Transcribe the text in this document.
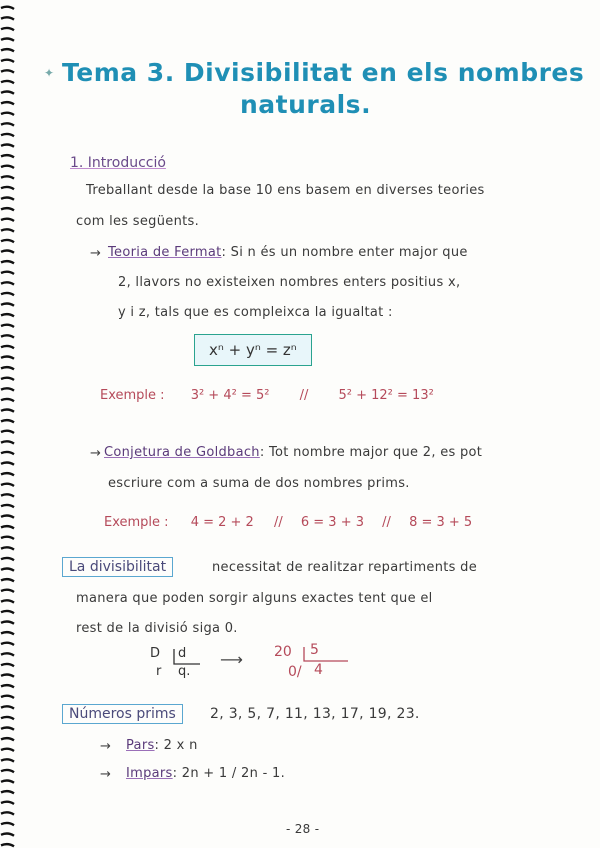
✦ Tema 3. Divisibilitat en els nombres
naturals.
1. Introducció
Treballant desde la base 10 ens basem en diverses teories
com les següents.
→ Teoria de Fermat: Si n és un nombre enter major que
2, llavors no existeixen nombres enters positius x,
y i z, tals que es compleixca la igualtat :
xⁿ + yⁿ = zⁿ
Exemple : 3² + 4² = 5² // 5² + 12² = 13²
→ Conjetura de Goldbach: Tot nombre major que 2, es pot
escriure com a suma de dos nombres prims.
Exemple : 4 = 2 + 2 // 6 = 3 + 3 // 8 = 3 + 5
La divisibilitat	necessitat de realitzar repartiments de
manera que poden sorgir alguns exactes tent que el
rest de la divisió siga 0.
D d
r q.
⟶ 20 5
0/ 4
Números prims	2, 3, 5, 7, 11, 13, 17, 19, 23.
→ Pars: 2 x n
→ Impars: 2n + 1 / 2n - 1.
- 28 -
